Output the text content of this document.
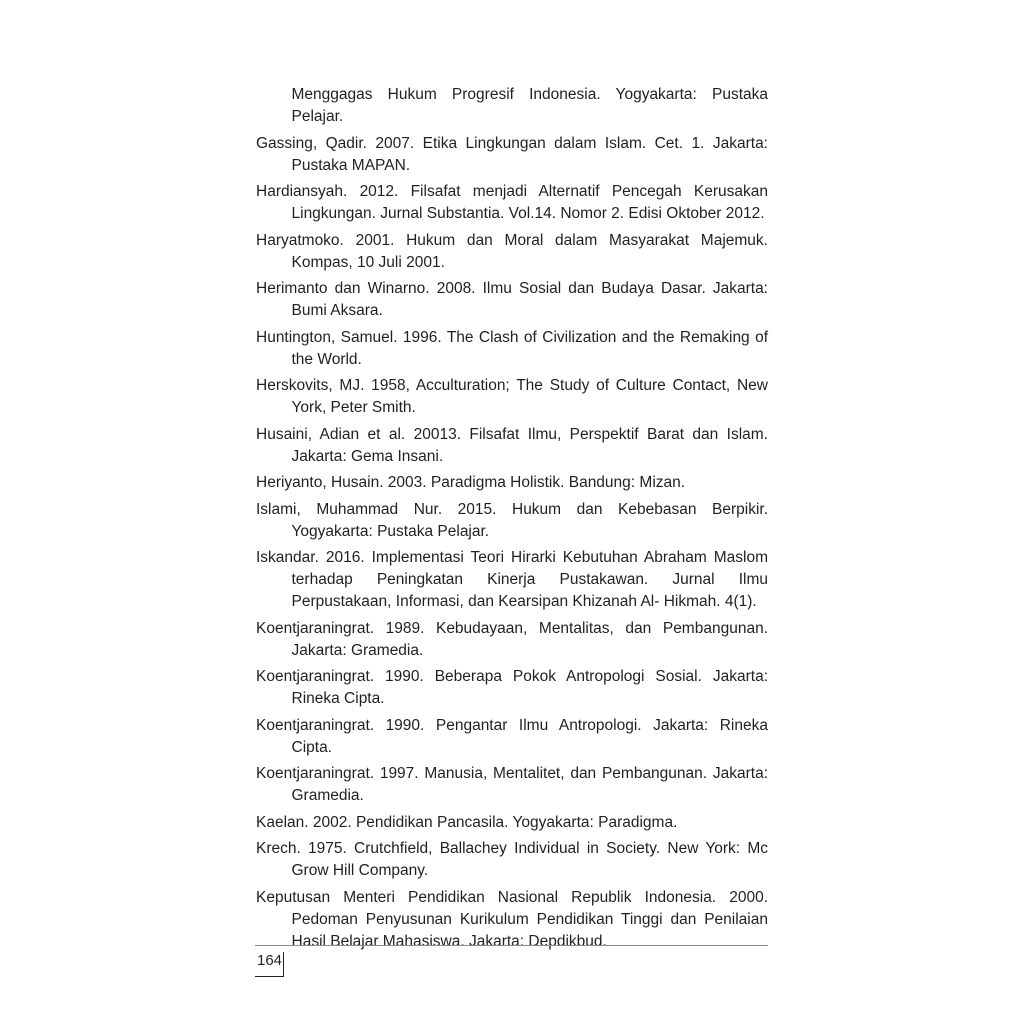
Menggagas Hukum Progresif Indonesia. Yogyakarta: Pustaka Pelajar.

Gassing, Qadir. 2007. Etika Lingkungan dalam Islam. Cet. 1. Jakarta: Pustaka MAPAN.

Hardiansyah. 2012. Filsafat menjadi Alternatif Pencegah Kerusakan Lingkungan. Jurnal Substantia. Vol.14. Nomor 2. Edisi Oktober 2012.

Haryatmoko. 2001. Hukum dan Moral dalam Masyarakat Majemuk. Kompas, 10 Juli 2001.

Herimanto dan Winarno. 2008. Ilmu Sosial dan Budaya Dasar. Jakarta: Bumi Aksara.

Huntington, Samuel. 1996. The Clash of Civilization and the Remaking of the World.

Herskovits, MJ. 1958, Acculturation; The Study of Culture Contact, New York, Peter Smith.

Husaini, Adian et al. 20013. Filsafat Ilmu, Perspektif Barat dan Islam. Jakarta: Gema Insani.

Heriyanto, Husain. 2003. Paradigma Holistik. Bandung: Mizan.

Islami, Muhammad Nur. 2015. Hukum dan Kebebasan Berpikir. Yogyakarta: Pustaka Pelajar.

Iskandar. 2016. Implementasi Teori Hirarki Kebutuhan Abraham Maslom terhadap Peningkatan Kinerja Pustakawan. Jurnal Ilmu Perpustakaan, Informasi, dan Kearsipan Khizanah Al- Hikmah. 4(1).

Koentjaraningrat. 1989. Kebudayaan, Mentalitas, dan Pembangunan. Jakarta: Gramedia.

Koentjaraningrat. 1990. Beberapa Pokok Antropologi Sosial. Jakarta: Rineka Cipta.

Koentjaraningrat. 1990. Pengantar Ilmu Antropologi. Jakarta: Rineka Cipta.

Koentjaraningrat. 1997. Manusia, Mentalitet, dan Pembangunan. Jakarta: Gramedia.

Kaelan. 2002. Pendidikan Pancasila. Yogyakarta: Paradigma.

Krech. 1975. Crutchfield, Ballachey Individual in Society. New York: Mc Grow Hill Company.

Keputusan Menteri Pendidikan Nasional Republik Indonesia. 2000. Pedoman Penyusunan Kurikulum Pendidikan Tinggi dan Penilaian Hasil Belajar Mahasiswa. Jakarta: Depdikbud.

164
